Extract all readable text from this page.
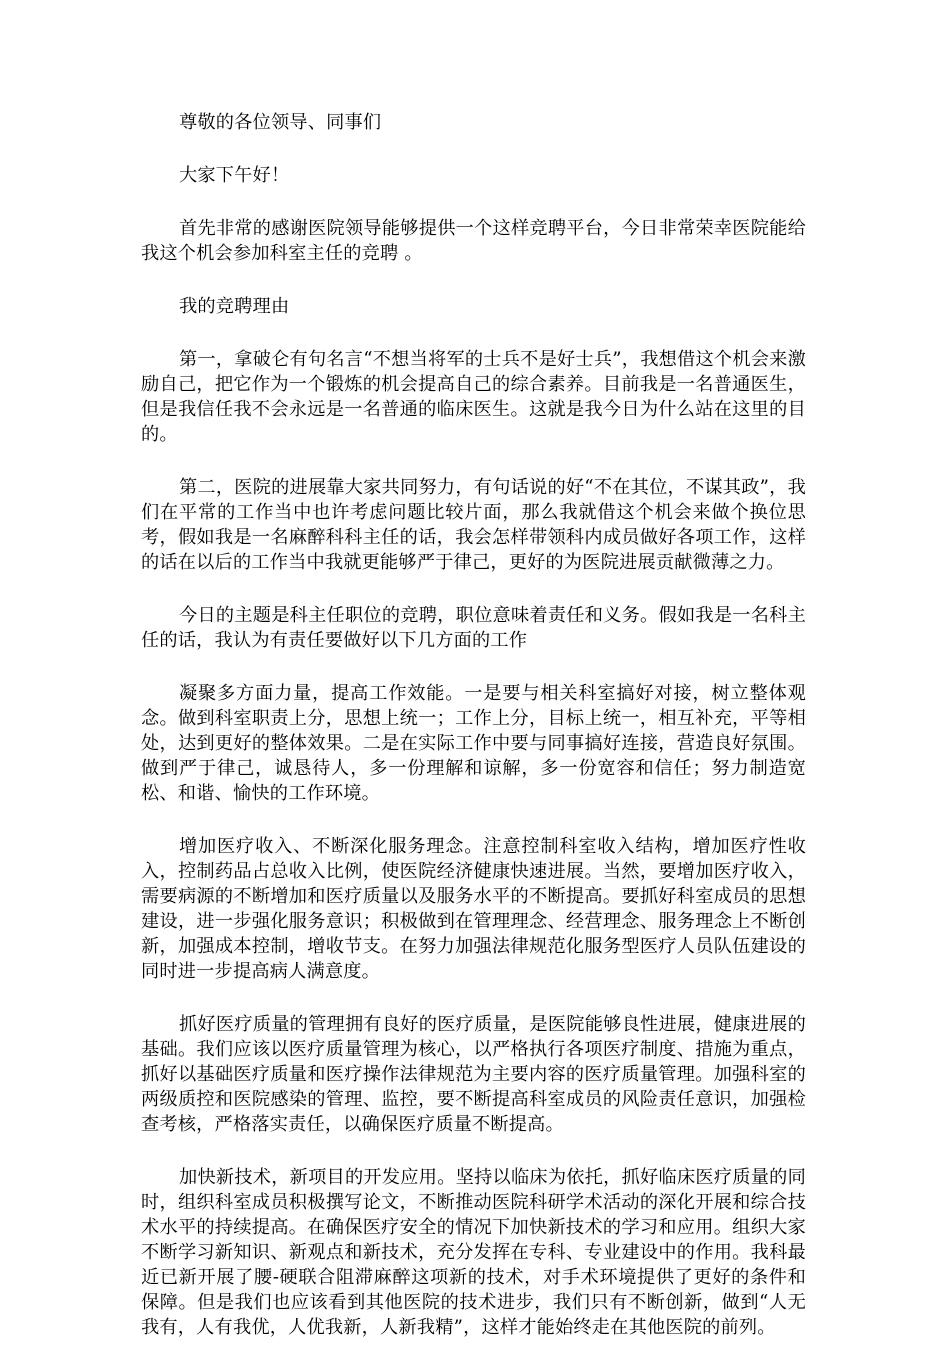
尊敬的各位领导、同事们

大家下午好！

首先非常的感谢医院领导能够提供一个这样竞聘平台，今日非常荣幸医院能给我这个机会参加科室主任的竞聘 。

我的竞聘理由

第一，拿破仑有句名言“不想当将军的士兵不是好士兵”，我想借这个机会来激励自己，把它作为一个锻炼的机会提高自己的综合素养。目前我是一名普通医生，但是我信任我不会永远是一名普通的临床医生。这就是我今日为什么站在这里的目的。

第二，医院的进展靠大家共同努力，有句话说的好“不在其位，不谋其政”，我们在平常的工作当中也许考虑问题比较片面，那么我就借这个机会来做个换位思考，假如我是一名麻醉科科主任的话，我会怎样带领科内成员做好各项工作，这样的话在以后的工作当中我就更能够严于律己，更好的为医院进展贡献微薄之力。

今日的主题是科主任职位的竞聘，职位意味着责任和义务。假如我是一名科主任的话，我认为有责任要做好以下几方面的工作

凝聚多方面力量，提高工作效能。一是要与相关科室搞好对接，树立整体观念。做到科室职责上分，思想上统一；工作上分，目标上统一，相互补充，平等相处，达到更好的整体效果。二是在实际工作中要与同事搞好连接，营造良好氛围。做到严于律己，诚恳待人，多一份理解和谅解，多一份宽容和信任；努力制造宽松、和谐、愉快的工作环境。

增加医疗收入、不断深化服务理念。注意控制科室收入结构，增加医疗性收入，控制药品占总收入比例，使医院经济健康快速进展。当然，要增加医疗收入，需要病源的不断增加和医疗质量以及服务水平的不断提高。要抓好科室成员的思想建设，进一步强化服务意识；积极做到在管理理念、经营理念、服务理念上不断创新，加强成本控制，增收节支。在努力加强法律规范化服务型医疗人员队伍建设的同时进一步提高病人满意度。

抓好医疗质量的管理拥有良好的医疗质量，是医院能够良性进展，健康进展的基础。我们应该以医疗质量管理为核心，以严格执行各项医疗制度、措施为重点，抓好以基础医疗质量和医疗操作法律规范为主要内容的医疗质量管理。加强科室的两级质控和医院感染的管理、监控，要不断提高科室成员的风险责任意识，加强检查考核，严格落实责任，以确保医疗质量不断提高。

加快新技术，新项目的开发应用。坚持以临床为依托，抓好临床医疗质量的同时，组织科室成员积极撰写论文，不断推动医院科研学术活动的深化开展和综合技术水平的持续提高。在确保医疗安全的情况下加快新技术的学习和应用。组织大家不断学习新知识、新观点和新技术，充分发挥在专科、专业建设中的作用。我科最近已新开展了腰-硬联合阻滞麻醉这项新的技术，对手术环境提供了更好的条件和保障。但是我们也应该看到其他医院的技术进步，我们只有不断创新，做到“人无我有，人有我优，人优我新，人新我精”，这样才能始终走在其他医院的前列。
